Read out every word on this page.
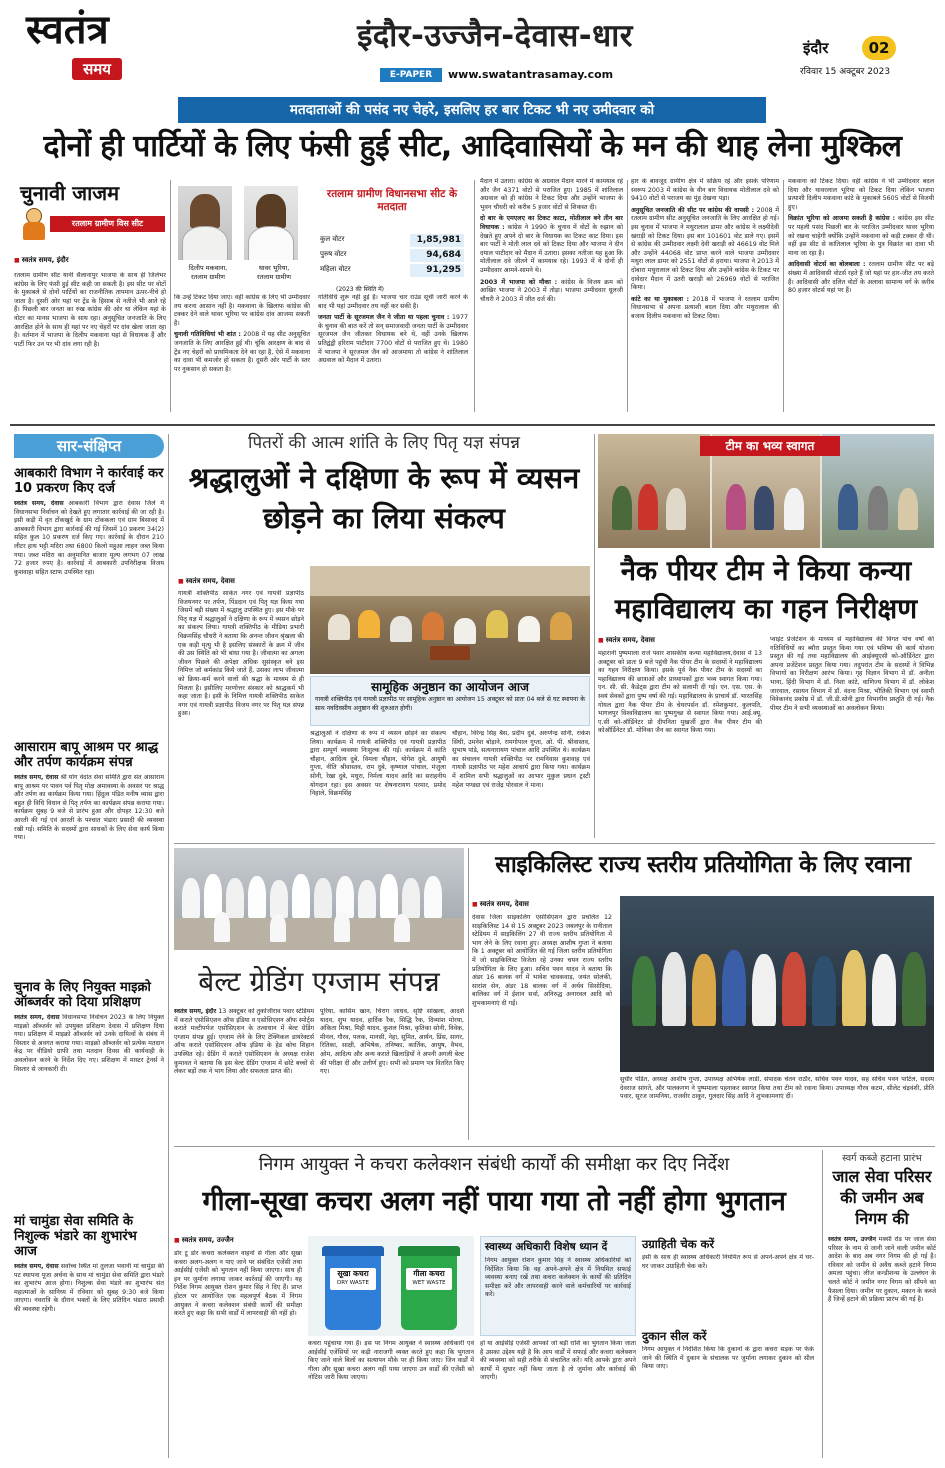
स्वतंत्र
समय
इंदौर-उज्जैन-देवास-धार
E-PAPER	www.swatantrasamay.com
इंदौर	02
रविवार 15 अक्टूबर 2023
मतदाताओं की पसंद नए चेहरे, इसलिए हर बार टिकट भी नए उमीदवार को
दोनों ही पार्टियों के लिए फंसी हुई सीट, आदिवासियों के मन की थाह लेना मुश्किल
चुनावी जाजम
रतलाम ग्रामीण विस सीट
■ स्वतंत्र समय, इंदौर
दिलीप मकवाना,
रतलाम ग्रामीण
थावर भूरिया,
रतलाम ग्रामीण
रतलाम ग्रामीण विधानसभा सीट के मतदाता
कुल वोटर	1,85,981
पुरुष वोटर	94,684
महिला वोटर	91,295
(2023 की स्थिति में)

रतलाम ग्रामीण सीट यानी सैलानापुर भाजपा के साथ ही जिलेभर कांग्रेस के लिए फंसी हुई सीट कही जा सकती है। इस सीट पर वोटों के मुकाबले से दोनों पार्टियों का राजनीतिक तापमान ऊपर-नीचे हो जाता है। दूसरी ओर यहां पर ट्रेंड के हिसाब से नतीजे भी आते रहे हैं। पिछली बार जनता का रुख कांग्रेस की ओर था लेकिन यहां के वोटर का मानस भाजपा के साथ रहा। अनुसूचित जनजाति के लिए आरक्षित होने के साथ ही यहां पर नए चेहरों पर दांव खेला जाता रहा है। वर्तमान में भाजपा के दिलीप मकवाना यहां से विधायक हैं और पार्टी फिर उन पर भी दांव लगा रही है।

कि उन्हें टिकट दिया जाए। वहीं कांग्रेस के लिए भी उम्मीदवार तय करना आसान नहीं है। मकवाना के खिलाफ कांग्रेस की टक्कर देने वाले थावर भूरिया पर कांग्रेस दांव आजमा सकती है।

चुनावी गतिविधियां भी शांत : 2008 में यह सीट अनुसूचित जनजाति के लिए आरक्षित हुई थी। चूंकि आरक्षण के बाद से ट्रेंड नए चेहरों को प्राथमिकता देने का रहा है, ऐसे में मकवाना का दावा भी कमजोर हो सकता है। दूसरी ओर पार्टी के स्तर पर नुकसान हो सकता है।

गतिविधि शुरू नहीं हुई है। भाजपा चार राउंड सूची जारी करने के बाद भी यहां उम्मीदवार तय नहीं कर सकी है।

जनता पार्टी के सूरजमल जैन ने जीता था पहला चुनाव : 1977 के चुनाव की बात करें तो सन् समाजवादी जनता पार्टी के उम्मीदवार सूरजमल जैन जीतकर विधायक बने थे, वहीं उनके खिलाफ प्रतिद्वंद्वी हरिराम पाटीदार 7700 वोटों से पराजित हुए थे। 1980 में भाजपा ने सूरजमल जैन को आजमाया तो कांग्रेस ने शांतिलाल अग्रवाल को मैदान में उतारा।

मैदान में उतारा। कांग्रेस के अग्रवाल मैदान मारने में कामयाब रहे और जैन 4371 वोटों से पराजित हुए। 1985 में शांतिलाल अग्रवाल को ही कांग्रेस ने टिकट दिया और उन्होंने भाजपा के भुवन चौधरी को करीब 5 हजार वोटों से शिकस्त दी।

दो बार के एमएलए का टिकट काटा, मोतीलाल बने तीन बार विधायक : कांग्रेस ने 1990 के चुनाव में वोटों के रुझान को देखते हुए अपने दो बार के विधायक का टिकट काट दिया। इस बार पार्टी ने मोती लाल दवे को टिकट दिया और भाजपा ने दीन दयाल पाटीदार को मैदान में उतारा। इसका नतीजा यह हुआ कि मोतीलाल दवे जीतने में कामयाब रहे। 1993 में ये दोनों ही उम्मीदवार आमने-सामने थे।

2003 में भाजपा को मौका : कांग्रेस के विजय क्रम को आखिर भाजपा ने 2003 में तोड़ा। भाजपा उम्मीदवार धूलजी चौधरी ने 2003 में जीत दर्ज की।

हार के बावजूद ग्रामीण क्षेत्र में सक्रिय रहे और इसके परिणाम स्वरूप 2003 में कांग्रेस के वीन बार विधायक मोतीलाल दवे को 9410 वोटों से पराजय का मुंह देखना पड़ा।

अनुसूचित जनजाति की सीट पर कांग्रेस की वापसी : 2008 में रतलाम ग्रामीण सीट अनुसूचित जनजाति के लिए आरक्षित हो गई। इस चुनाव में भाजपा ने मथुरालाल डामर और कांग्रेस ने लक्ष्मीदेवी खराड़ी को टिकट दिया। इस बार 101601 वोट डाले गए। इसमें से कांग्रेस की उम्मीदवार लक्ष्मी देवी खराड़ी को 46619 वोट मिले और उन्होंने 44068 वोट प्राप्त करने वाले भाजपा उम्मीदवार मथुरा लाल डामर को 2551 वोटों से हराया। भाजपा ने 2013 में दोबारा मथुरालाल को टिकट दिया और उन्होंने कांग्रेस के टिकट पर दावेदार मैदान में उतरी खराड़ी को 26969 वोटों से पराजित किया।

कांटे का था मुकाबला : 2018 में भाजपा ने रतलाम ग्रामीण विधानसभा से अपना प्रत्याशी बदल दिया और मथुरालाल की बजाय दिलीप मकवाना को टिकट दिया।

मकवाना को टिकट दिया। वहीं कांग्रेस ने भी उम्मीदवार बदल दिया और थावरलाल भूरिया को टिकट दिया लेकिन भाजपा प्रत्याशी दिलीप मकवाना कांटे के मुकाबले 5605 वोटों से विजयी हुए।

विक्रांत भूरिया को आजमा सकती है कांग्रेस : कांग्रेस इस सीट पर पहली पसंद पिछली बार के पराजित उम्मीदवार थावर भूरिया को रखना चाहेगी क्योंकि उन्होंने मकवाना को कड़ी टक्कर दी थी। वहीं इस सीट से कांतिलाल भूरिया के पुत्र विक्रांत का दावा भी माना जा रहा है।

आदिवासी वोटर्स का बोलबाला : रतलाम ग्रामीण सीट पर बड़े संख्या में आदिवासी वोटर्स रहते हैं जो यहां पर हार-जीत तय करते हैं। आदिवासी और दलित वोटों के अलावा सामान्य वर्ग के करीब 80 हजार वोटर्स यहां पर हैं।

सार-संक्षिप्त
आबकारी विभाग ने कार्रवाई कर 10 प्रकरण किए दर्ज
स्वतंत्र समय, देवास आबकारी विभाग द्वारा देवास जिले में विधानसभा निर्वाचन को देखते हुए लगातार कार्रवाई की जा रही है। इसी कड़ी में वृत टोंकखुर्द के ग्राम टोंककला एवं ग्राम बिसावद में आबकारी विभाग द्वारा कार्रवाई की गई जिसमें 10 प्रकरण 34(2) सहित कुल 10 प्रकरण दर्ज किए गए। कार्रवाई के दौरान 210 लीटर हाथ भट्टी मदिरा तथा 6800 किलो महुआ लाहन जब्त किया गया। जब्त मदिरा का अनुमानित बाजार मूल्य लगभग 07 लाख 72 हजार रुपए है। कार्रवाई में आबकारी उपनिरीक्षक विजय कुशवाहा सहित स्टाफ उपस्थित रहा।
आसाराम बापू आश्रम पर श्राद्ध और तर्पण कार्यक्रम संपन्न
स्वतंत्र समय, देवास श्री योग वेदांत सेवा समिति द्वारा संत आसाराम बापू आश्रम पर पावन पर्व पितृ मोक्ष अमावस्या के अवसर पर श्राद्ध और तर्पण का कार्यक्रम किया गया। हिंदुत्व पंडित मनीष व्यास द्वारा बहुत ही विधि विधान से पितृ तर्पण का कार्यक्रम संपन्न कराया गया। कार्यक्रम सुबह 9 बजे से प्रारंभ हुआ और दोपहर 12:30 बजे आरती की गई एवं आरती के पश्चात भंडारा प्रसादी की व्यवस्था रखी गई। समिति के सदस्यों द्वारा साधकों के लिए सेवा कार्य किया गया।
चुनाव के लिए नियुक्त माइक्रो ऑब्जर्वर को दिया प्रशिक्षण
स्वतंत्र समय, देवास विधानसभा निर्वाचन 2023 के लिए नियुक्त माइक्रो ऑब्जर्वर को उपयुक्त प्रशिक्षण देवास में प्रशिक्षण दिया गया। प्रशिक्षण में माइक्रो ऑब्जर्वर को उनके दायित्वों के संबंध में विस्तार से अवगत कराया गया। माइक्रो ऑब्जर्वर को प्रत्येक मतदान केंद्र पर वीडियो ग्राफी तथा मतदान दिवस की कार्यवाही के अवलोकन करने के निर्देश दिए गए। प्रशिक्षण में मास्टर ट्रेनर्स ने विस्तार से जानकारी दी।
मां चामुंडा सेवा समिति के निशुल्क भंडारे का शुभारंभ आज
स्वतंत्र समय, देवास सर्वोच्च स्थित मां तुलजा भवानी मां चामुंडा की पट स्थापना पूजा अर्चना के साथ मां चामुंडा सेवा समिति द्वारा भंडारे का शुभारंभ आज होगा। निशुल्क सेवा भंडारे का शुभारंभ संत महात्माओं के सानिध्य में रविवार को सुबह 9:30 बजे किया जाएगा। नवरात्रि के दौरान भक्तों के लिए प्रतिदिन भंडारा प्रसादी की व्यवस्था रहेगी।
पितरों की आत्म शांति के लिए पितृ यज्ञ संपन्न
श्रद्धालुओं ने दक्षिणा के रूप में व्यसन छोड़ने का लिया संकल्प
■ स्वतंत्र समय, देवास

गायत्री शक्तिपीठ साकेत नगर एवं गायत्री प्रज्ञापीठ विजयनगर पर तर्पण, पिंडदान एवं पितृ यज्ञ किया गया जिसमें बड़ी संख्या में श्रद्धालु उपस्थित हुए। इस मौके पर पितृ यज्ञ में श्रद्धालुओं ने दक्षिणा के रूप में व्यसन छोड़ने का संकल्प लिया। गायत्री शक्तिपीठ के मीडिया प्रभारी विक्रमसिंह चौधरी ने बताया कि अनन्त जीवन श्रृंखला की एक कड़ी मृत्यु भी है इसलिए संस्कारों के क्रम में जीव की उस स्थिति को भी बांधा गया है। जीवात्मा का अगला जीवन पिछले की अपेक्षा अधिक सुसंस्कृत बने इस निमित्त जो कर्मकांड किये जाते हैं, उसका लाभ जीवात्मा को क्रिया-कर्म करने वालों की श्रद्धा के माध्यम से ही मिलता है। इसीलिए मरणोत्तर संस्कार को श्राद्धकर्म भी कहा जाता है। इसी के निमित्त गायत्री शक्तिपीठ साकेत नगर एवं गायत्री प्रज्ञापीठ विजय नगर पर पितृ यज्ञ संपन्न हुआ।

सामूहिक अनुष्ठान का आयोजन आज
गायत्री शक्तिपीठ एवं गायत्री प्रज्ञापीठ पर सामूहिक अनुष्ठान का आयोजन 15 अक्टूबर को प्रातः 04 बजे से घट स्थापना के साथ नवदिवसीय अनुष्ठान की शुरुआत होगी।

श्रद्धालुओं ने दक्षिणा के रूप में व्यसन छोड़ने का संकल्प लिया। कार्यक्रम में गायत्री शक्तिपीठ एवं गायत्री प्रज्ञापीठ द्वारा सम्पूर्ण व्यवस्था निःशुल्क की गई। कार्यक्रम में कांति चौहान, आदित्य दुबे, विमला चौहान, योगेश दुबे, आयुषी गुप्ता, नीति श्रीवास्तव, राम दुबे, कृष्णाल पांचाल, मंजुला सोनी, रेखा दुबे, मधुरा, निर्मला यादव आदि का सराहनीय योगदान रहा। इस अवसर पर शेषनारायण परमार, प्रमोद निहाले, विक्रमसिंह

चौहान, विरेन्द्र सिंह बैस, प्रदीप दुबे, अरुणेन्द्र सोनी, राकेश सिंघी, उमनेश बोड़ाने, रामगोपाल गुप्ता, ओ. पी. श्रीवास्तव, सुभाष पांडे, सत्यनारायण पांचाल आदि उपस्थित थे। कार्यक्रम का संचालन गायत्री शक्तिपीठ पर रामनिवास कुशवाह एवं गायत्री प्रज्ञापीठ पर महेश आचार्य द्वारा किया गया। कार्यक्रम में शामिल सभी श्रद्धालुओं का आभार मुकुल प्रधान ट्रस्टी महेश पण्ड्या एवं राजेंद्र पोरवाल ने माना।

टीम का भव्य स्वागत
नैक पीयर टीम ने किया कन्या महाविद्यालय का गहन निरीक्षण
■ स्वतंत्र समय, देवास

महारानी पुष्पमाला राजे पवार शासकीय कन्या महाविद्यालय,देवास में 13 अक्टूबर को प्रातः 9 बजे पहुंची नैक पीयर टीम के सदस्यों ने महाविद्यालय का गहन निरीक्षण किया। इसके पूर्व नैक पीयर टीम के सदस्यों का महाविद्यालय की छात्राओं और प्राध्यापकों द्वारा भव्य स्वागत किया गया। एन. सी. सी. कैडेट्स द्वारा टीम को सलामी दी गई। एन. एस. एस. के स्वयं सेवकों द्वारा पुष्प वर्षा की गई। महाविद्यालय के प्राचार्य डॉ. भारतसिंह गोयल द्वारा नैक पीयर टीम के चेयरपर्सन डॉ. रमेशकुमार, कुलपति, भागलपुर विश्वविद्यालय का पुष्पगुच्छ से स्वागत किया गया। आई.क्यू. ए.सी को-ऑर्डिनेटर प्रो दीपनिता मुखर्जी द्वारा नैक पीयर टीम की कोऑर्डिनेटर डॉ. मोनिका जैन का स्वागत किया गया।

प्वाइंट प्रेजेंटेशन के माध्यम से महाविद्यालय की विगत पांच वर्षों की गतिविधियों का ब्यौरा प्रस्तुत किया गया एवं भविष्य की कार्य योजना प्रस्तुत की गई तथा महाविद्यालय की आईक्यूएसी को-ऑर्डिनेटर द्वारा अपना प्रजेंटेशन प्रस्तुत किया गया। तदुपरांत टीम के सदस्यों ने विभिन्न विभागों का निरीक्षण आरंभ किया। गृह विज्ञान विभाग में डॉ. अनीता भाना, हिंदी विभाग में डॉ. निशा कांटे, वाणिज्य विभाग में डॉ. लोकेश जारवाल, रसायन विभाग में डॉ. वंदना मिश्रा, भौतिकी विभाग एवं स्वामी विवेकानंद प्रकोष्ठ में डॉ. जी.डी.सोनी द्वारा विभागीय प्रस्तुति दी गई। नैक पीयर टीम ने सभी व्यवस्थाओं का अवलोकन किया।

बेल्ट ग्रेडिंग एग्जाम संपन्न
स्वतंत्र समय, इंदौर 13 अक्टूबर को तुकोजीराव पवार स्टेडियम में कराते एसोसिएशन ऑफ इंडिया व एसोसिएशन ऑफ स्पोर्ट्स कराते मल्टीपर्पज एसोसिएशन के तत्वाधान में बेल्ट ग्रेडिंग एग्जाम संपन्न हुई। एग्जाम लेने के लिए टेक्निकल डायरेक्टर्स ऑफ कराते एसोसिएशन ऑफ इंडिया के हेड कोच शिहान उपस्थित रहे। ग्रेडिंग में कराते एसोसिएशन के अध्यक्ष राजेश कुमावत ने बताया कि इस बेल्ट ग्रेडिंग एग्जाम में छोटे बच्चों से लेकर बड़ों तक ने भाग लिया और सफलता प्राप्त की।

पुरिया, कासिम खान, चिराग जाधव, सृष्टि सांखला, आदर्श यादव, शुभ यादव, हार्दिक रैक, सिद्धि रैक, दिव्यांश मोरया, अंकिता मिश्रा, मिही यादव, कुशल मिश्रा, कृतिका सोनी, विवेक, मीनल, गौरव, पलक, मानसी, नेहा, सुमित, आर्यन, प्रिंस, सागर, रितिका, साक्षी, अभिषेक, तनिष्का, कार्तिक, आयुष, वैभव, ओम, आदित्य और अन्य कराते खिलाड़ियों ने अपनी अगली बेल्ट की परीक्षा दी और उत्तीर्ण हुए। सभी को प्रमाण पत्र वितरित किए गए।

साइकिलिस्ट राज्य स्तरीय प्रतियोगिता के लिए रवाना
■ स्वतंत्र समय, देवास

देवास जिला साइकलिंग एसोसिएशन द्वारा प्रचलित 12 साइकिलिस्ट 14 से 15 अक्टूबर 2023 जबलपुर के रानीताल स्टेडियम में साइकिलिंग 27 वी राज्य स्तरीय प्रतियोगिता में भाग लेने के लिए रवाना हुए। अध्यक्ष आशीष गुप्ता ने बताया कि 1 अक्टूबर को आयोजित की गई जिला स्तरीय प्रतियोगिता में जो साइकिलिस्ट विजेता रहे उनका चयन राज्य स्तरीय प्रतियोगिता के लिए हुआ। सचिव पवन यादव ने बताया कि अंडर 16 बालक वर्ग में भावेश चावकवाड़, जयंत सोलंकी, सारांश सेन, अंडर 18 बालक वर्ग में अर्थव सिसोदिया, बालिका वर्ग में ईशान सर्वा, अनिरुद्ध अनारवल आदि को शुभकामनाएं दी गईं।

सुधीर पंडित, अध्यक्ष आशीष गुप्ता, उपाध्यक्ष अभिषेक लाडी, संपादक चेतन राठौर, सचिव पवन यादव, सह सचिव पवन पाटिल, सदस्य देवराज सांगते, और पालकगण ने पुष्पमाला पहनाकर स्वागत किया तथा टीम को रवाना किया। उपाध्यक्ष गौरव कटम, सीलेट चंद्रवंशी, प्रीति पवार, सूरज जामनिया, राजवीर ठाकुर, गुलदार सिंह आदि ने शुभकामनाएं दीं।

निगम आयुक्त ने कचरा कलेक्शन संबंधी कार्यों की समीक्षा कर दिए निर्देश
गीला-सूखा कचरा अलग नहीं पाया गया तो नहीं होगा भुगतान
■ स्वतंत्र समय, उज्जैन

डोर टू डोर कचरा कलेक्शन वाहनों से गीला और सूखा कचरा अलग-अलग न पाए जाने पर संबंधित एजेंसी तथा आईसीई एजेंसी को भुगतान नहीं किया जाएगा। साथ ही इन पर जुर्माना लगाया जाकर कार्रवाई की जाएगी। यह निर्देश निगम आयुक्त रोशन कुमार सिंह ने दिए हैं। प्राप्त होटल पर आयोजित एक महत्वपूर्ण बैठक में निगम आयुक्त ने कचरा कलेक्शन संबंधी कार्यों की समीक्षा करते हुए कहा कि सभी वार्डों में लापरवाही की नहीं हो।

सूखा कचरा
DRY WASTE
गीला कचरा
WET WASTE

कचरा पहुंचाया गया है। इस पर निगम आयुक्त ने स्वास्थ्य अधिकारी एवं आईसीई एजेंसियों पर कड़ी नाराजगी व्यक्त करते हुए कहा कि भुगतान किए जाने वाले बिलों का सत्यापन मौके पर ही किया जाए। जिन वार्डों में गीला और सूखा कचरा अलग नहीं पाया जाएगा उन वार्डों की एजेंसी को नोटिस जारी किया जाएगा।

स्वास्थ्य अधिकारी विशेष ध्यान दें
निगम आयुक्त रोशन कुमार सिंह ने स्वास्थ्य अधिकारियों को निर्देशित किया कि वह अपने-अपने क्षेत्र में नियमित सफाई व्यवस्था बनाए रखें तथा कचरा कलेक्शन के कार्यों की प्रतिदिन समीक्षा करें और लापरवाही करने वाले कर्मचारियों पर कार्रवाई करें।

हो या आईसीई एजेंसी आपको जो बड़ी राशि का भुगतान किया जाता है उसका उद्देश्य यही है कि आप वार्डों में सफाई और कचरा कलेक्शन की व्यवस्था को सही तरीके से संचालित करें। यदि आपके द्वारा अपने कार्यों में सुधार नहीं किया जाता है तो जुर्माना और कार्रवाई की जाएगी।

उग्राहिती चेक करें
इसी के साथ ही स्वास्थ्य अधिकारी नियमित रूप से अपने-अपने क्षेत्र में घर-घर जाकर उग्राहिती चेक करें।
दुकान सील करें
निगम आयुक्त ने निर्देशित किया कि दुकानों के द्वारा कचरा सड़क पर फेंके जाने की स्थिति में दुकान के संचालक पर जुर्माना लगाकर दुकान को सील किया जाए।
स्वर्ग कब्जे हटाना प्रारंभ
जाल सेवा परिसर की जमीन अब निगम की
स्वतंत्र समय, उज्जैन मक्सी रोड पर जाल सेवा परिसर के नाम से जानी जाने वाली जमीन कोर्ट आदेश के बाद अब नगर निगम की हो गई है। रविवार को जमीन से अवैध कब्जे हटाने निगम अमला पहुंचा। लीज कन्डीशन्स के उल्लंघन के चलते कोर्ट ने जमीन नगर निगम को सौंपने का फैसला दिया। जमीन पर दुकान, मकान के कब्जे हैं जिन्हें हटाने की प्रक्रिया प्रारंभ की गई है।
